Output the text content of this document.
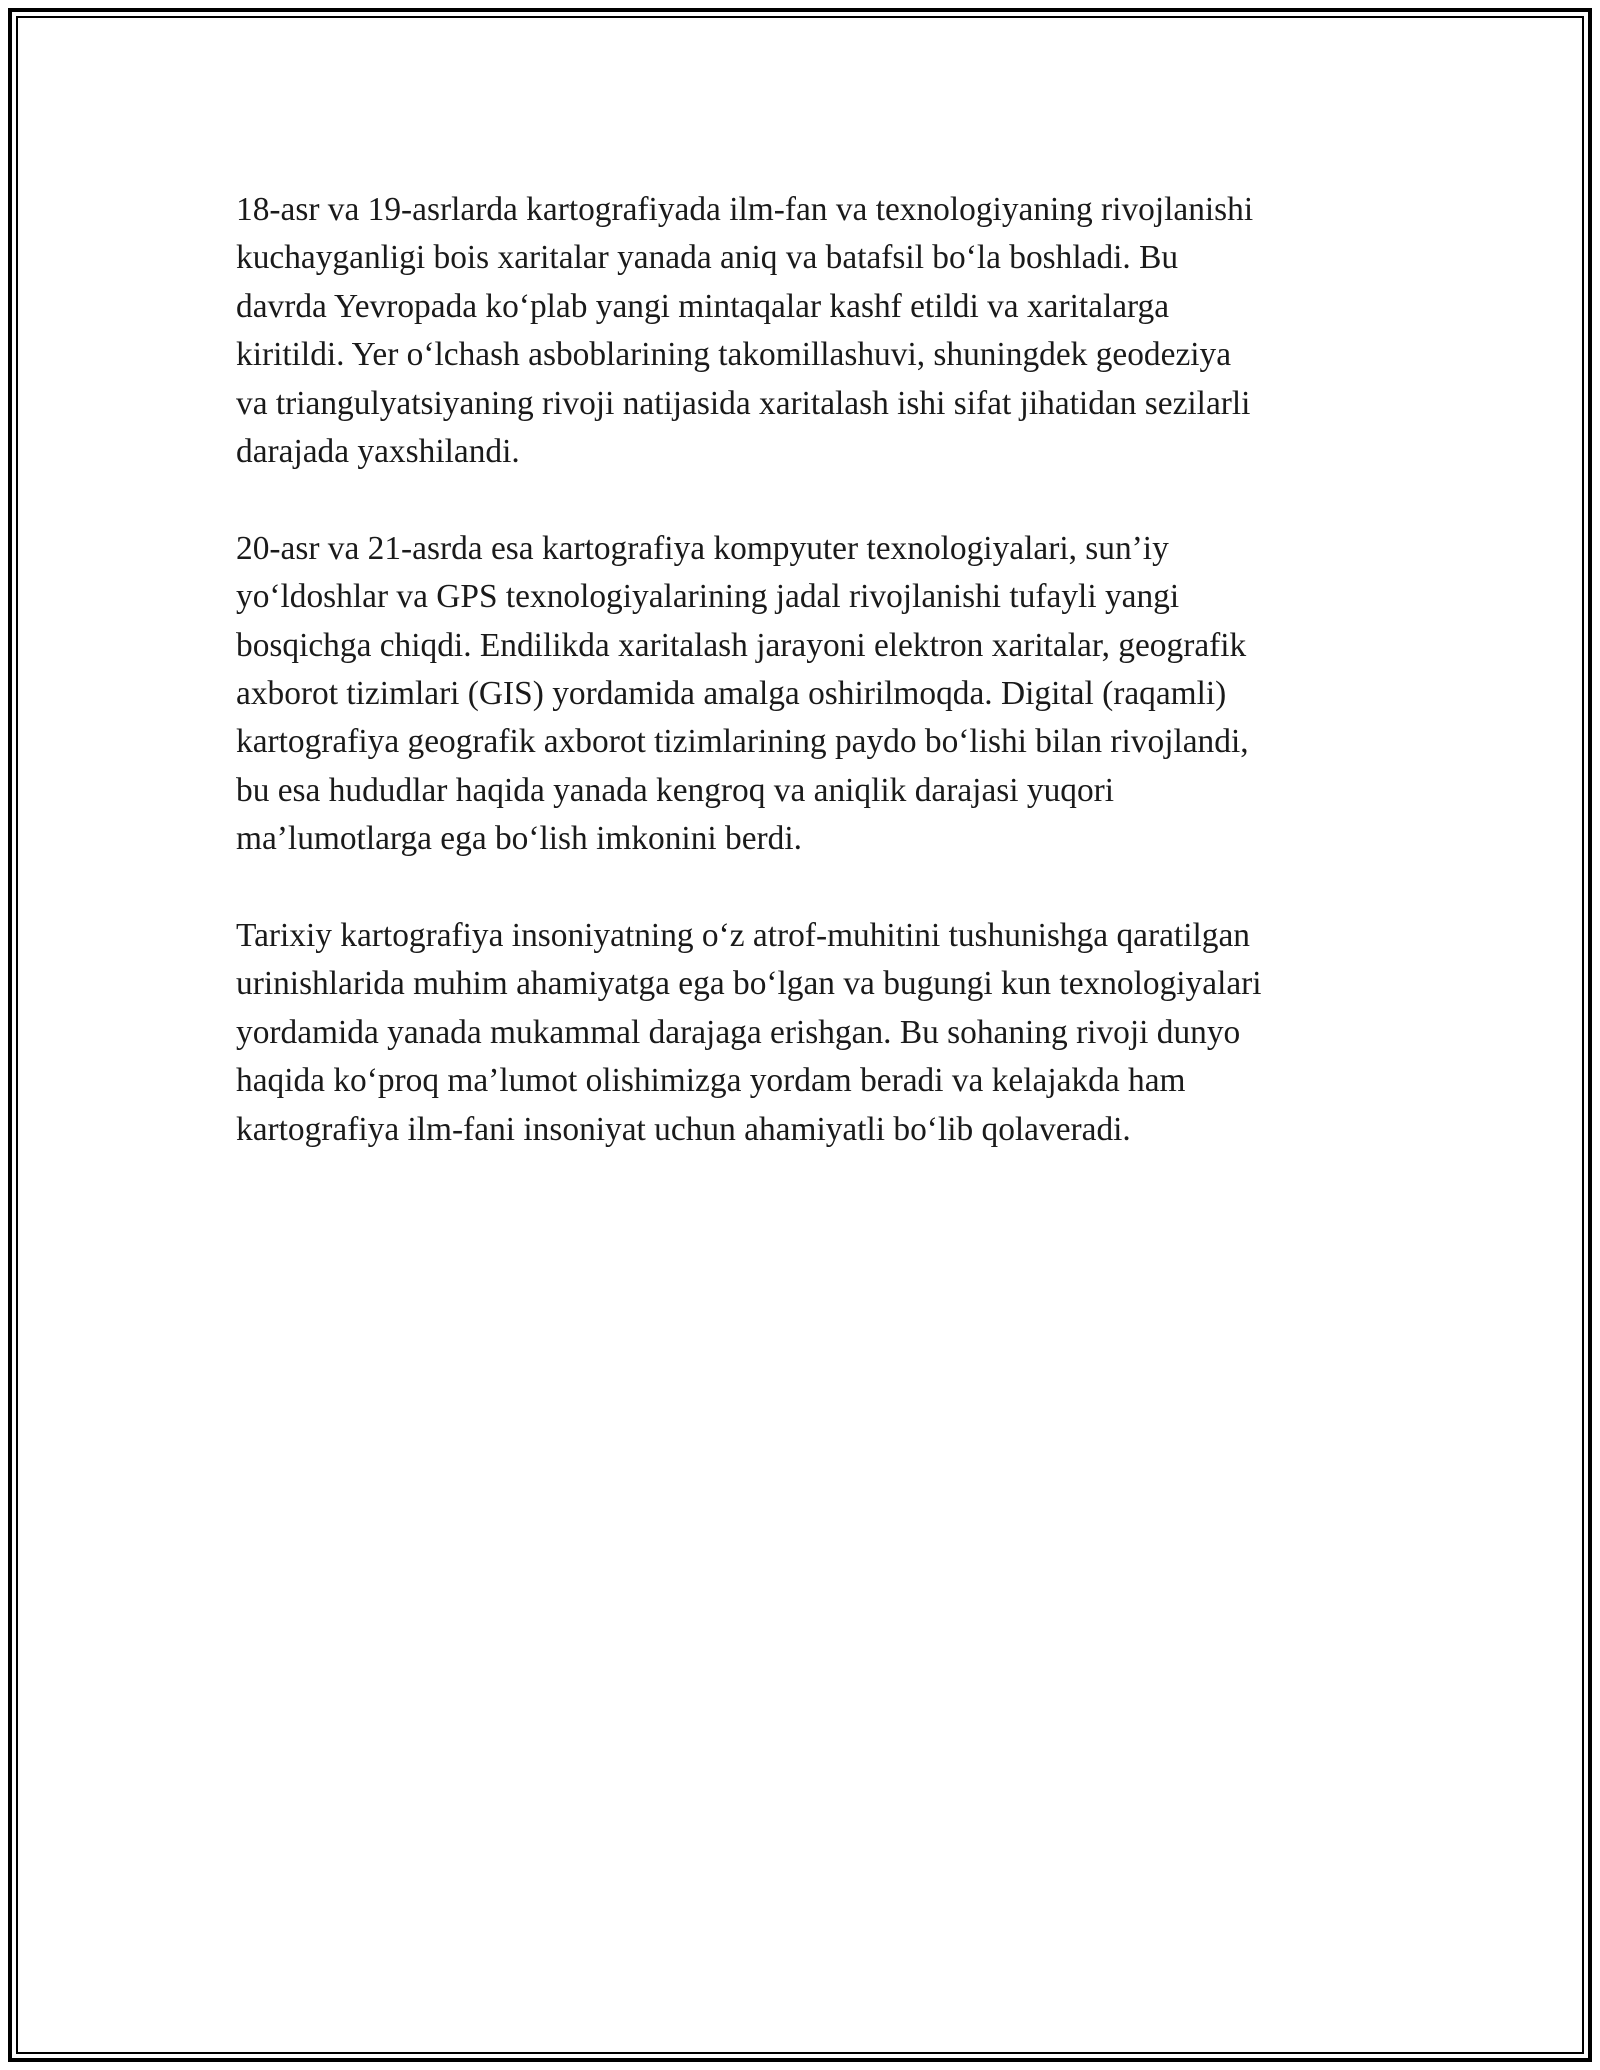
18-asr va 19-asrlarda kartografiyada ilm-fan va texnologiyaning rivojlanishi
kuchayganligi bois xaritalar yanada aniq va batafsil boʻla boshladi. Bu
davrda Yevropada koʻplab yangi mintaqalar kashf etildi va xaritalarga
kiritildi. Yer oʻlchash asboblarining takomillashuvi, shuningdek geodeziya
va triangulyatsiyaning rivoji natijasida xaritalash ishi sifat jihatidan sezilarli
darajada yaxshilandi.

20-asr va 21-asrda esa kartografiya kompyuter texnologiyalari, sun’iy
yoʻldoshlar va GPS texnologiyalarining jadal rivojlanishi tufayli yangi
bosqichga chiqdi. Endilikda xaritalash jarayoni elektron xaritalar, geografik
axborot tizimlari (GIS) yordamida amalga oshirilmoqda. Digital (raqamli)
kartografiya geografik axborot tizimlarining paydo boʻlishi bilan rivojlandi,
bu esa hududlar haqida yanada kengroq va aniqlik darajasi yuqori
ma’lumotlarga ega boʻlish imkonini berdi.

Tarixiy kartografiya insoniyatning oʻz atrof-muhitini tushunishga qaratilgan
urinishlarida muhim ahamiyatga ega boʻlgan va bugungi kun texnologiyalari
yordamida yanada mukammal darajaga erishgan. Bu sohaning rivoji dunyo
haqida koʻproq ma’lumot olishimizga yordam beradi va kelajakda ham
kartografiya ilm-fani insoniyat uchun ahamiyatli boʻlib qolaveradi.
